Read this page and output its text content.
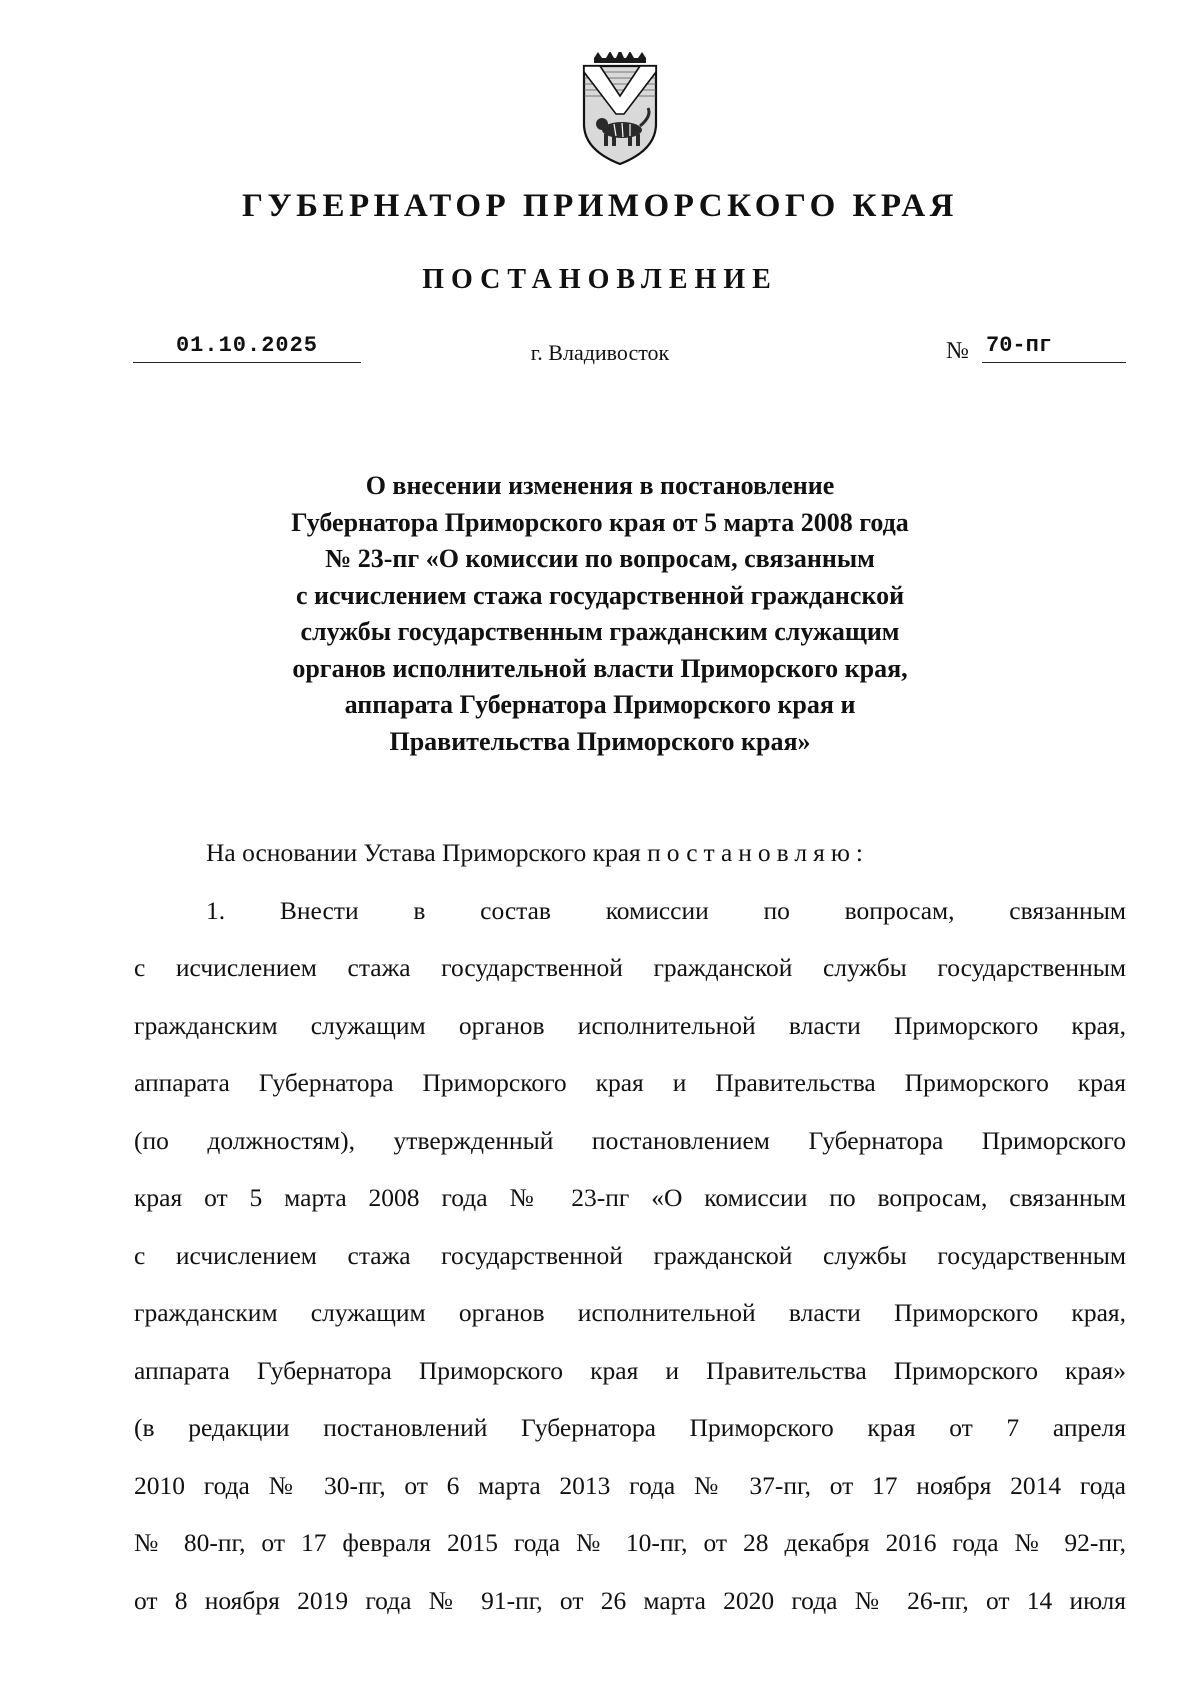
ГУБЕРНАТОР ПРИМОРСКОГО КРАЯ
ПОСТАНОВЛЕНИЕ
01.10.2025	г. Владивосток	№ 70-пг
О внесении изменения в постановление
Губернатора Приморского края от 5 марта 2008 года
№ 23-пг «О комиссии по вопросам, связанным
с исчислением стажа государственной гражданской
службы государственным гражданским служащим
органов исполнительной власти Приморского края,
аппарата Губернатора Приморского края и
Правительства Приморского края»
На основании Устава Приморского края постановляю:
1. Внести в состав комиссии по вопросам, связанным
с исчислением стажа государственной гражданской службы государственным
гражданским служащим органов исполнительной власти Приморского края,
аппарата Губернатора Приморского края и Правительства Приморского края
(по должностям), утвержденный постановлением Губернатора Приморского
края от 5 марта 2008 года № 23-пг «О комиссии по вопросам, связанным
с исчислением стажа государственной гражданской службы государственным
гражданским служащим органов исполнительной власти Приморского края,
аппарата Губернатора Приморского края и Правительства Приморского края»
(в редакции постановлений Губернатора Приморского края от 7 апреля
2010 года № 30-пг, от 6 марта 2013 года № 37-пг, от 17 ноября 2014 года
№ 80-пг, от 17 февраля 2015 года № 10-пг, от 28 декабря 2016 года № 92-пг,
от 8 ноября 2019 года № 91-пг, от 26 марта 2020 года № 26-пг, от 14 июля
